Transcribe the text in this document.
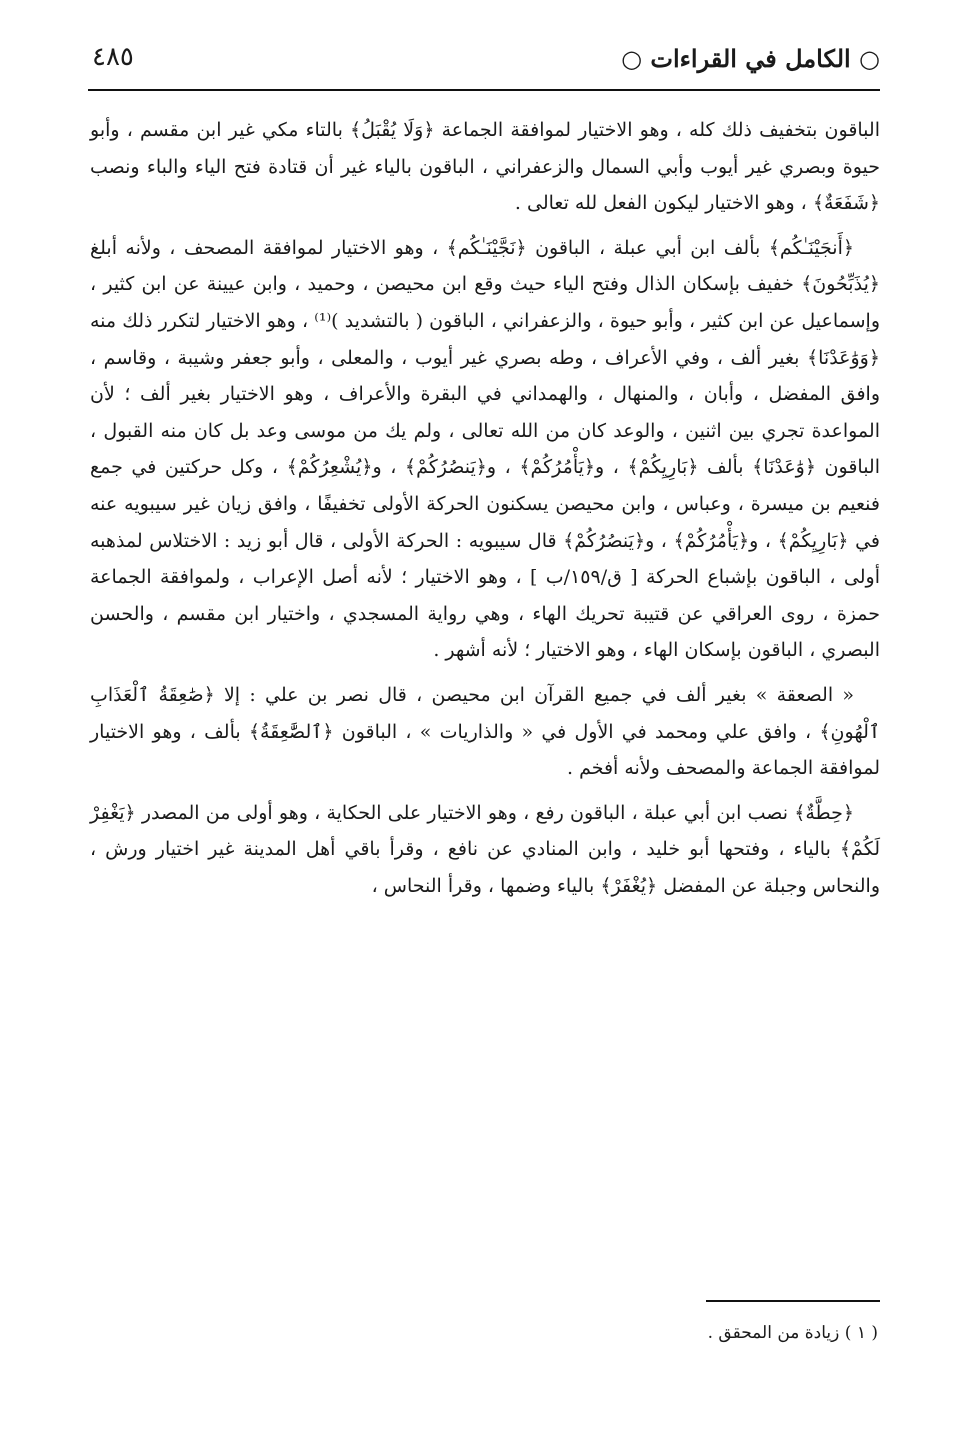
○ الكامل في القراءات ○
٤٨٥

الباقون بتخفيف ذلك كله ، وهو الاختيار لموافقة الجماعة ﴿وَلَا يُقْبَلُ﴾ بالتاء مكي غير ابن مقسم ، وأبو حيوة وبصري غير أيوب وأبي السمال والزعفراني ، الباقون بالياء غير أن قتادة فتح الياء والباء ونصب ﴿شَفَعَةٌ﴾ ، وهو الاختيار ليكون الفعل لله تعالى .

﴿أَنجَيْنَـٰكُم﴾ بألف ابن أبي عبلة ، الباقون ﴿نَجَّيْنَـٰكُم﴾ ، وهو الاختيار لموافقة المصحف ، ولأنه أبلغ ﴿يُذَبِّحُونَ﴾ خفيف بإسكان الذال وفتح الياء حيث وقع ابن محيصن ، وحميد ، وابن عيينة عن ابن كثير ، وإسماعيل عن ابن كثير ، وأبو حيوة ، والزعفراني ، الباقون ( بالتشديد )⁽¹⁾ ، وهو الاختيار لتكرر ذلك منه ﴿وَوَٰعَدْنَا﴾ بغير ألف ، وفي الأعراف ، وطه بصري غير أيوب ، والمعلى ، وأبو جعفر وشيبة ، وقاسم ، وافق المفضل ، وأبان ، والمنهال ، والهمداني في البقرة والأعراف ، وهو الاختيار بغير ألف ؛ لأن المواعدة تجري بين اثنين ، والوعد كان من الله تعالى ، ولم يك من موسى وعد بل كان منه القبول ، الباقون ﴿وَٰعَدْنَا﴾ بألف ﴿بَارِيِكُمْ﴾ ، و﴿يَأْمُرُكُمْ﴾ ، و﴿يَنصُرُكُمْ﴾ ، و﴿يُشْعِرُكُمْ﴾ ، وكل حركتين في جمع فنعيم بن ميسرة ، وعباس ، وابن محيصن يسكنون الحركة الأولى تخفيفًا ، وافق زيان غير سيبويه عنه في ﴿بَارِيِكُمْ﴾ ، و﴿يَأْمُرُكُمْ﴾ ، و﴿يَنصُرُكُمْ﴾ قال سيبويه : الحركة الأولى ، قال أبو زيد : الاختلاس لمذهبه أولى ، الباقون بإشباع الحركة [ ق/١٥٩/ب ] ، وهو الاختيار ؛ لأنه أصل الإعراب ، ولموافقة الجماعة حمزة ، روى العراقي عن قتيبة تحريك الهاء ، وهي رواية المسجدي ، واختيار ابن مقسم ، والحسن البصري ، الباقون بإسكان الهاء ، وهو الاختيار ؛ لأنه أشهر .

« الصعقة » بغير ألف في جميع القرآن ابن محيصن ، قال نصر بن علي : إلا ﴿صَٰعِقَةُ ٱلْعَذَابِ ٱلْهُونِ﴾ ، وافق علي ومحمد في الأول في « والذاريات » ، الباقون ﴿ٱلصَّٰعِقَةُ﴾ بألف ، وهو الاختيار لموافقة الجماعة والمصحف ولأنه أفخم .

﴿حِطَّةٌ﴾ نصب ابن أبي عبلة ، الباقون رفع ، وهو الاختيار على الحكاية ، وهو أولى من المصدر ﴿يَغْفِرْ لَكُمْ﴾ بالياء ، وفتحها أبو خليد ، وابن المنادي عن نافع ، وقرأ باقي أهل المدينة غير اختيار ورش ، والنحاس وجبلة عن المفضل ﴿يُغْفَرْ﴾ بالياء وضمها ، وقرأ النحاس ،

( ١ ) زيادة من المحقق .
